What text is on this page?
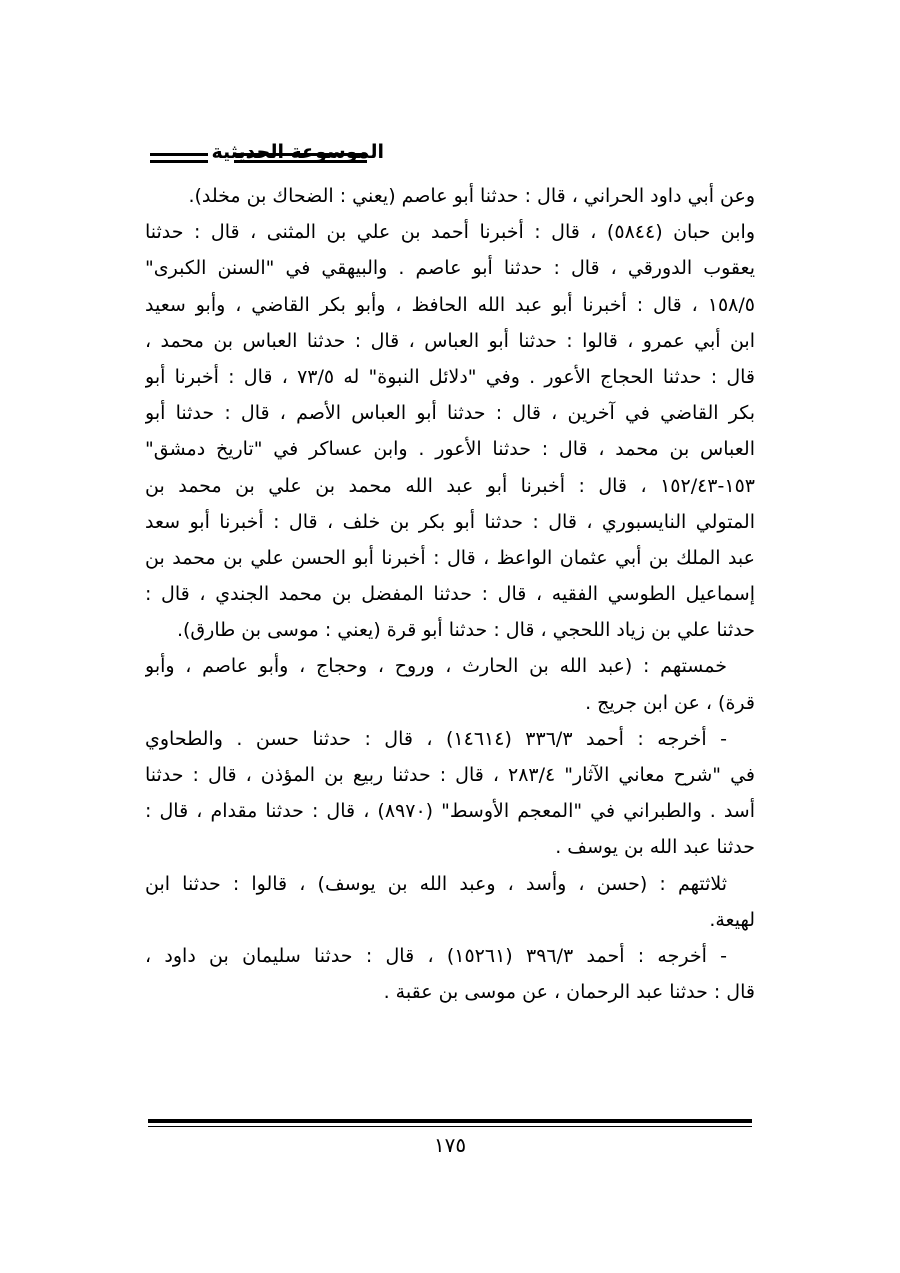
الموسوعة الحديثية
وعن أبي داود الحراني ، قال : حدثنا أبو عاصم (يعني : الضحاك بن مخلد).
وابن حبان (٥٨٤٤) ، قال : أخبرنا أحمد بن علي بن المثنى ، قال : حدثنا
يعقوب الدورقي ، قال : حدثنا أبو عاصم . والبيهقي في "السنن الكبرى"
١٥٨/٥ ، قال : أخبرنا أبو عبد الله الحافظ ، وأبو بكر القاضي ، وأبو سعيد
ابن أبي عمرو ، قالوا : حدثنا أبو العباس ، قال : حدثنا العباس بن محمد ،
قال : حدثنا الحجاج الأعور . وفي "دلائل النبوة" له ٧٣/٥ ، قال : أخبرنا أبو
بكر القاضي في آخرين ، قال : حدثنا أبو العباس الأصم ، قال : حدثنا أبو
العباس بن محمد ، قال : حدثنا الأعور . وابن عساكر في "تاريخ دمشق"
١٥٣-١٥٢/٤٣ ، قال : أخبرنا أبو عبد الله محمد بن علي بن محمد بن
المتولي النايسبوري ، قال : حدثنا أبو بكر بن خلف ، قال : أخبرنا أبو سعد
عبد الملك بن أبي عثمان الواعظ ، قال : أخبرنا أبو الحسن علي بن محمد بن
إسماعيل الطوسي الفقيه ، قال : حدثنا المفضل بن محمد الجندي ، قال :
حدثنا علي بن زياد اللحجي ، قال : حدثنا أبو قرة (يعني : موسى بن طارق).
خمستهم : (عبد الله بن الحارث ، وروح ، وحجاج ، وأبو عاصم ، وأبو
قرة) ، عن ابن جريج .
- أخرجه : أحمد ٣٣٦/٣ (١٤٦١٤) ، قال : حدثنا حسن . والطحاوي
في "شرح معاني الآثار" ٢٨٣/٤ ، قال : حدثنا ربيع بن المؤذن ، قال : حدثنا
أسد . والطبراني في "المعجم الأوسط" (٨٩٧٠) ، قال : حدثنا مقدام ، قال :
حدثنا عبد الله بن يوسف .
ثلاثتهم : (حسن ، وأسد ، وعبد الله بن يوسف) ، قالوا : حدثنا ابن
لهيعة.
- أخرجه : أحمد ٣٩٦/٣ (١٥٢٦١) ، قال : حدثنا سليمان بن داود ،
قال : حدثنا عبد الرحمان ، عن موسى بن عقبة .
١٧٥
